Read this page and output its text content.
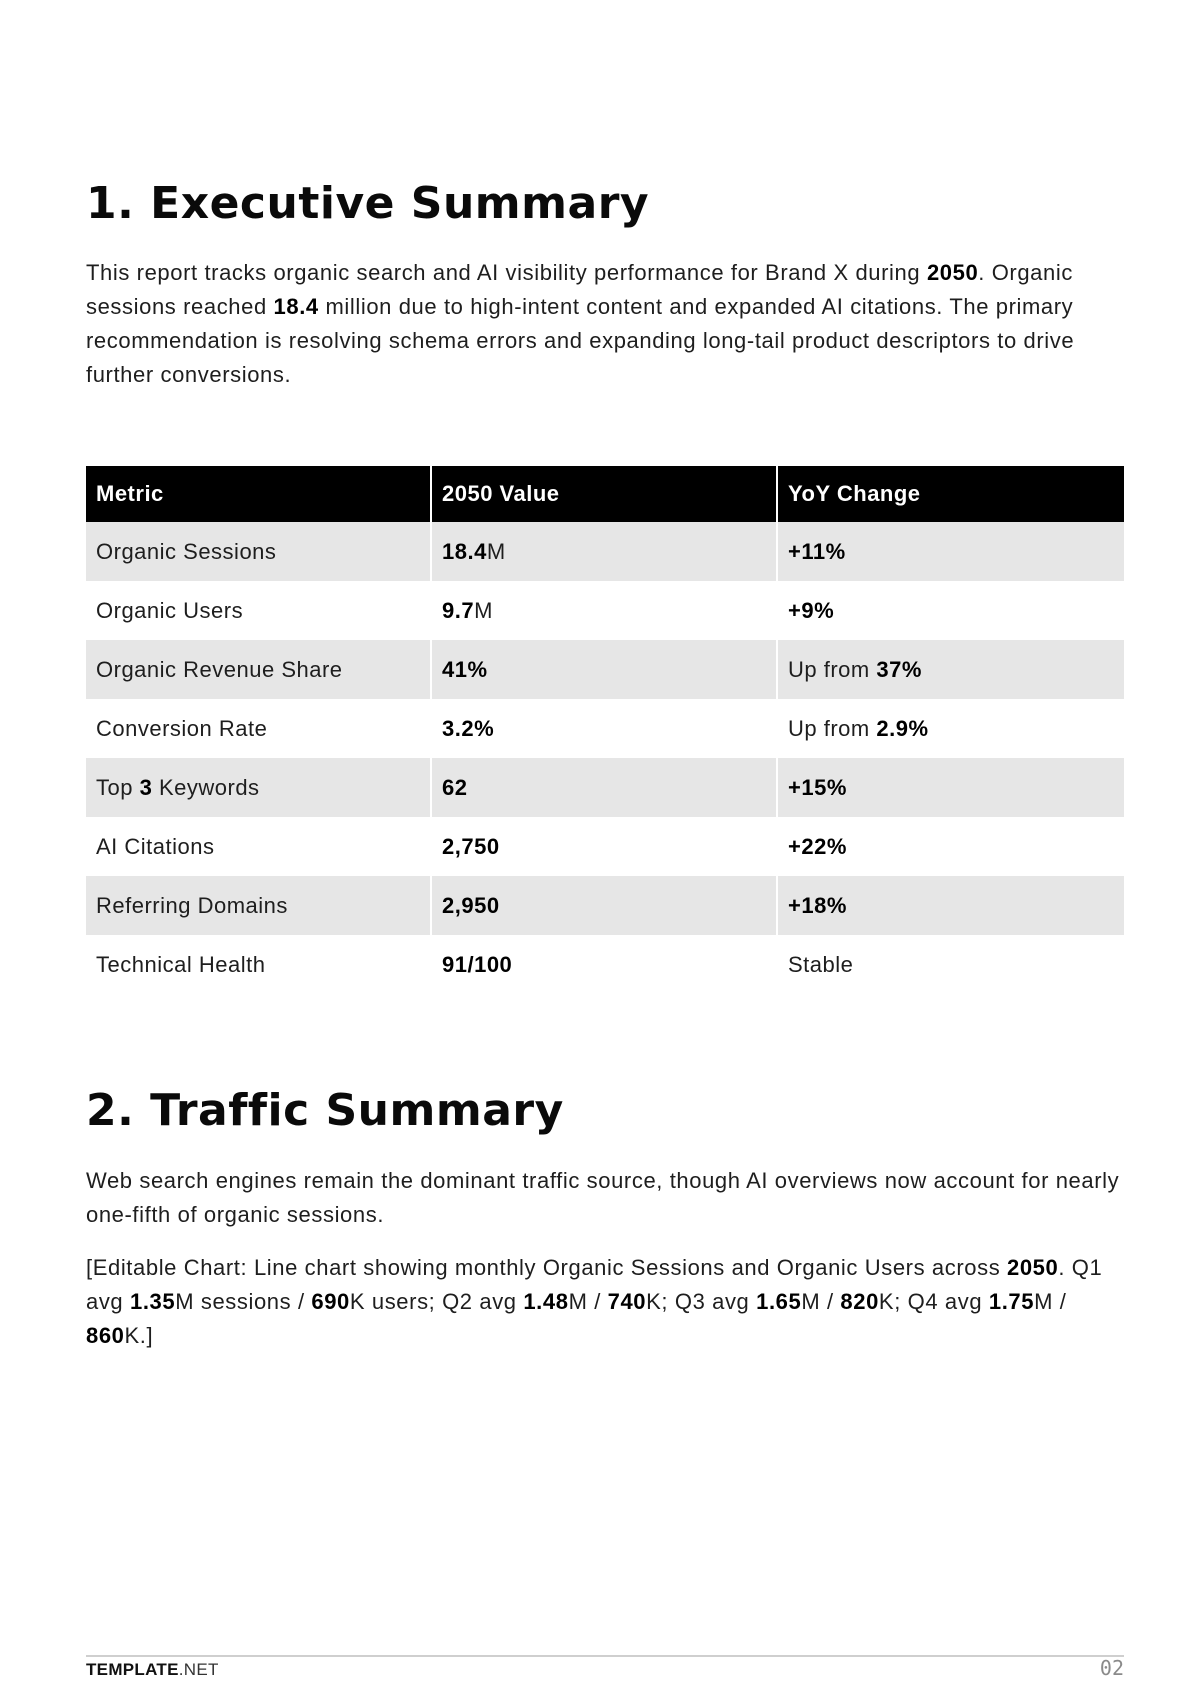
1. Executive Summary

This report tracks organic search and AI visibility performance for Brand X during 2050. Organic sessions reached 18.4 million due to high-intent content and expanded AI citations. The primary recommendation is resolving schema errors and expanding long-tail product descriptors to drive further conversions.

Metric	2050 Value	YoY Change
Organic Sessions	18.4M	+11%
Organic Users	9.7M	+9%
Organic Revenue Share	41%	Up from 37%
Conversion Rate	3.2%	Up from 2.9%
Top 3 Keywords	62	+15%
AI Citations	2,750	+22%
Referring Domains	2,950	+18%
Technical Health	91/100	Stable
2. Traffic Summary

Web search engines remain the dominant traffic source, though AI overviews now account for nearly one-fifth of organic sessions.

[Editable Chart: Line chart showing monthly Organic Sessions and Organic Users across 2050. Q1 avg 1.35M sessions / 690K users; Q2 avg 1.48M / 740K; Q3 avg 1.65M / 820K; Q4 avg 1.75M / 860K.]

TEMPLATE.NET	02
